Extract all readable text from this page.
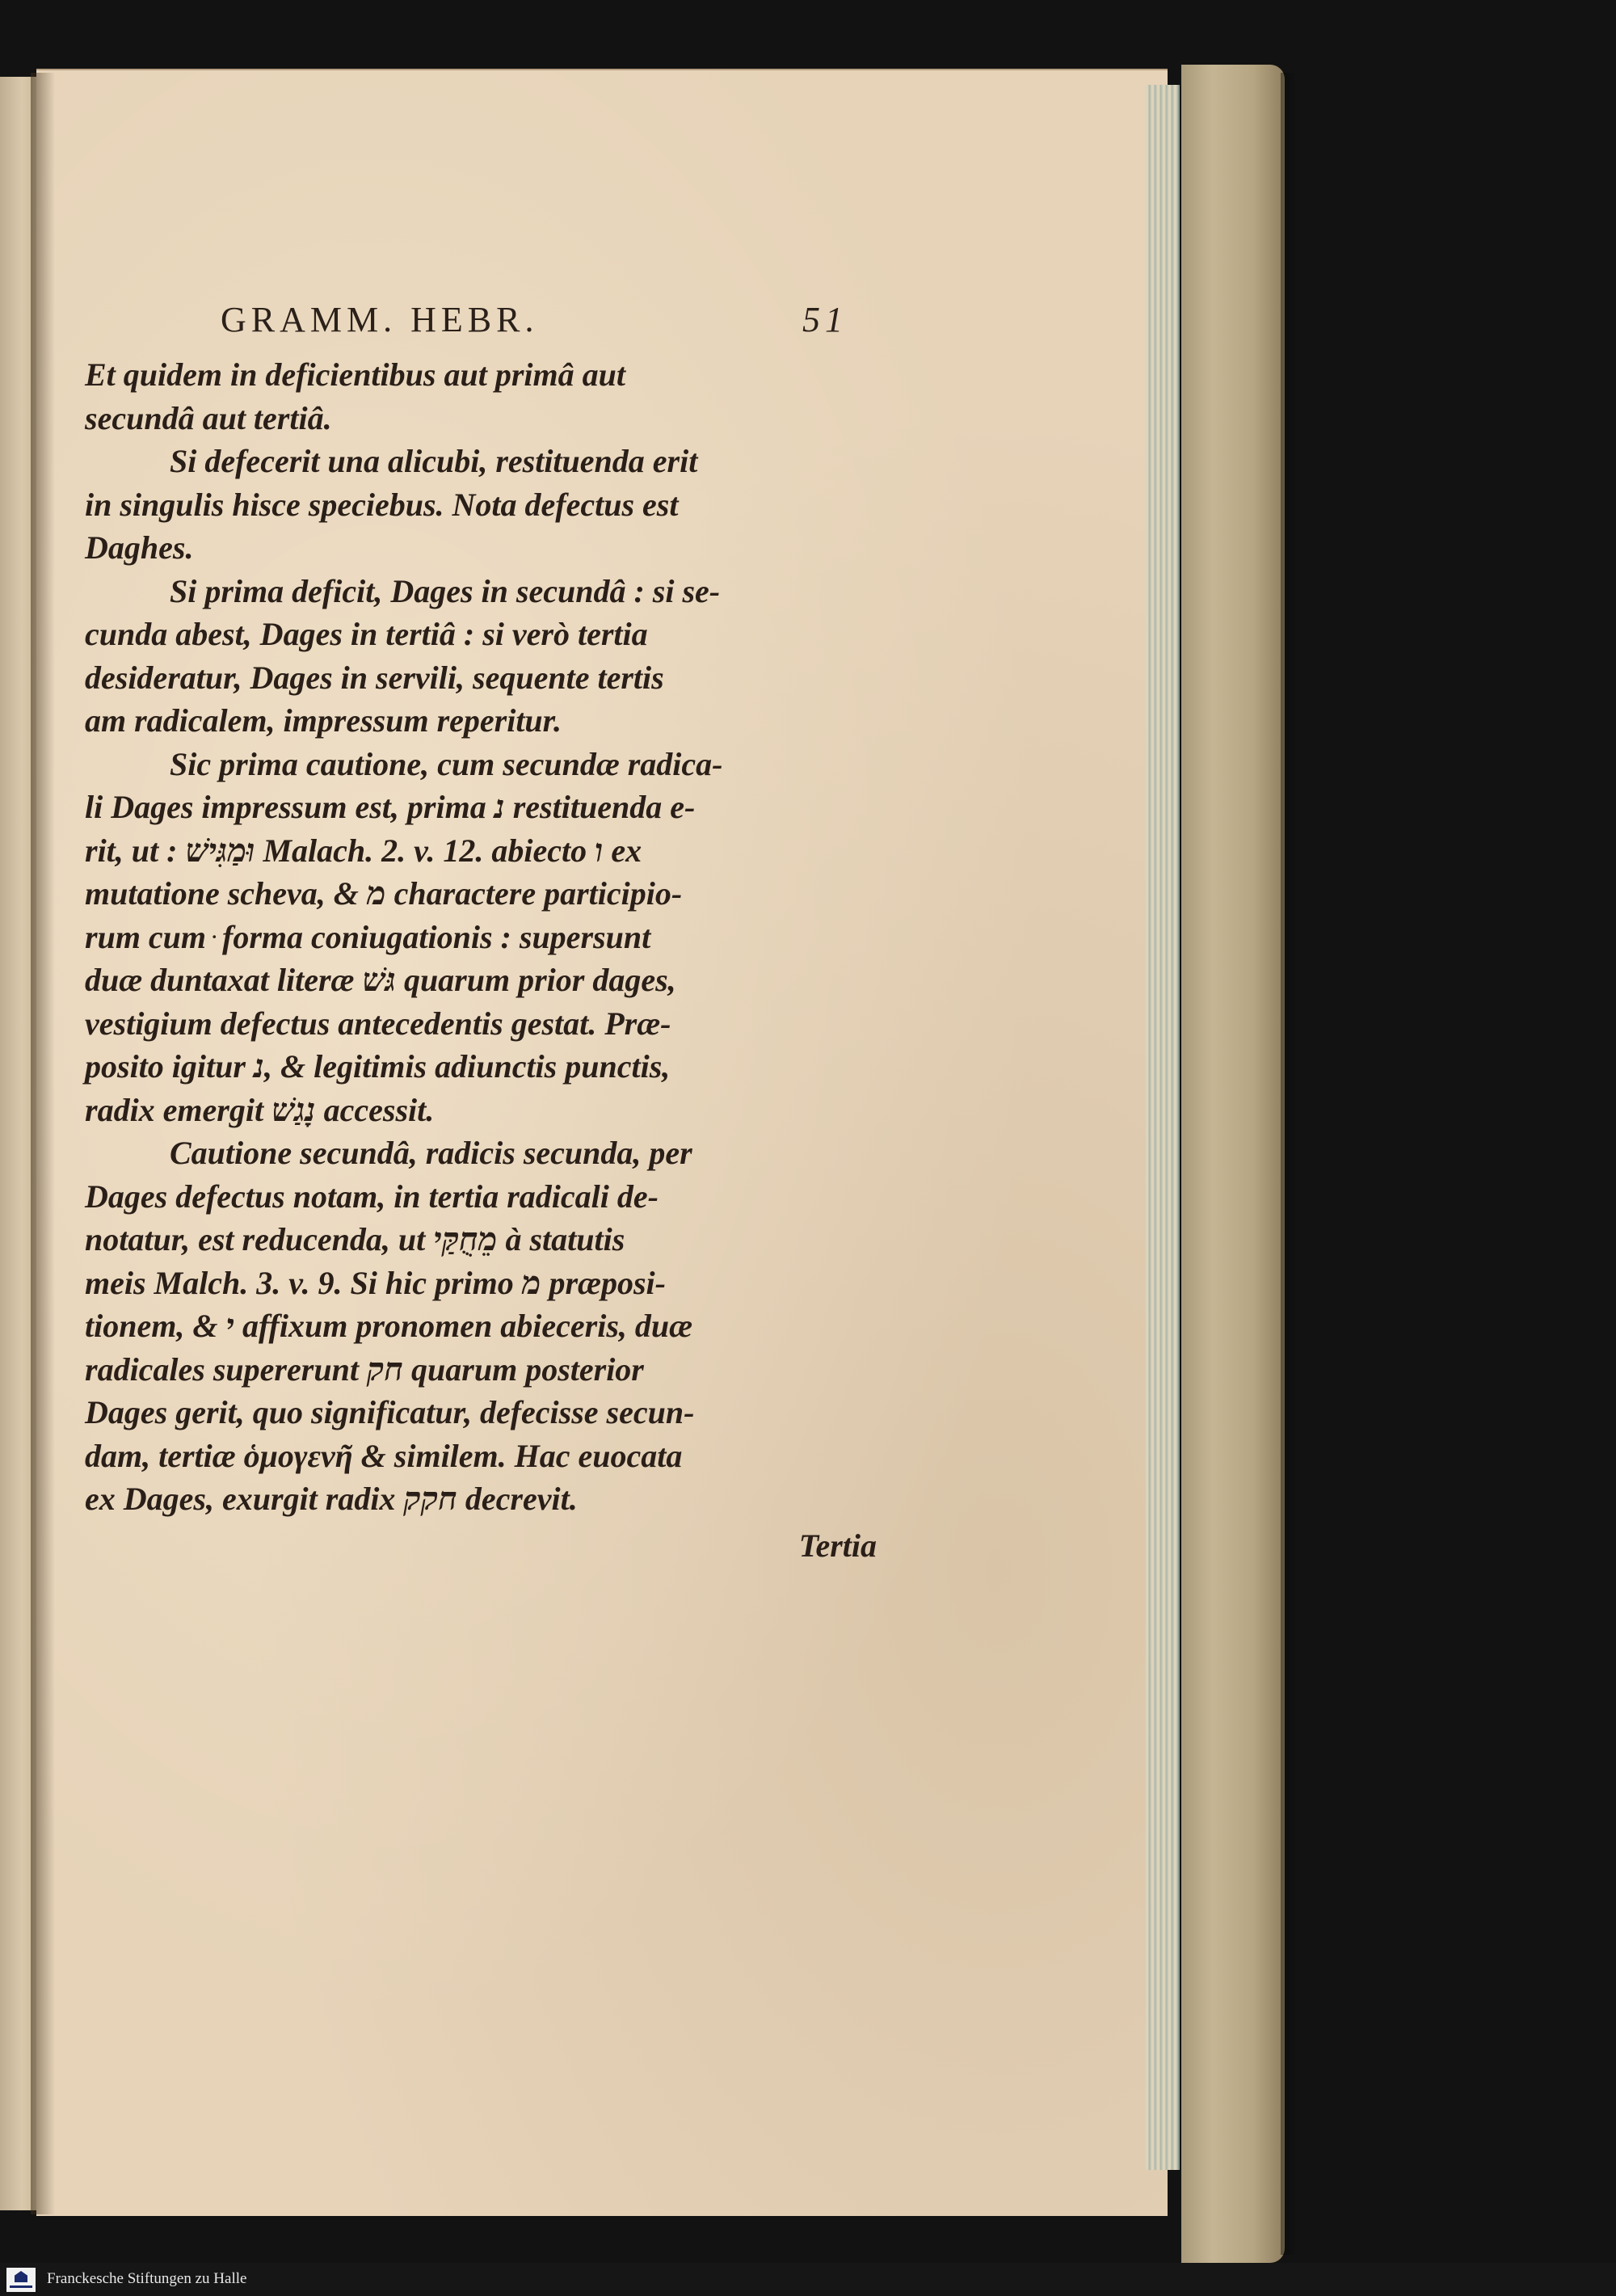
GRAMM. HEBR.	51
Et quidem in deficientibus aut primâ aut
secundâ aut tertiâ.
Si defecerit una alicubi, restituenda erit
in singulis hisce speciebus. Nota defectus est
Daghes.
Si prima deficit, Dages in secundâ : si se-
cunda abest, Dages in tertiâ : si verò tertia
desideratur, Dages in servili, sequente tertis
am radicalem, impressum reperitur.
Sic prima cautione, cum secundæ radica-
li Dages impressum est, prima נ restituenda e-
rit, ut : וּמַגִּישׁ Malach. 2. v. 12. abiecto ו ex
mutatione scheva, & מ charactere participio-
rum cum ּ forma coniugationis : supersunt
duæ duntaxat literæ גּשׁ quarum prior dages,
vestigium defectus antecedentis gestat. Præ-
posito igitur נ, & legitimis adiunctis punctis,
radix emergit נָגַשׁ accessit.
Cautione secundâ, radicis secunda, per
Dages defectus notam, in tertia radicali de-
notatur, est reducenda, ut מֵחֻקַּי à statutis
meis Malch. 3. v. 9. Si hic primo מ præposi-
tionem, & י affixum pronomen abieceris, duæ
radicales supererunt חק quarum posterior
Dages gerit, quo significatur, defecisse secun-
dam, tertiæ ὁμογενῆ & similem. Hac euocata
ex Dages, exurgit radix חקק decrevit.
Tertia
Franckesche Stiftungen zu Halle
